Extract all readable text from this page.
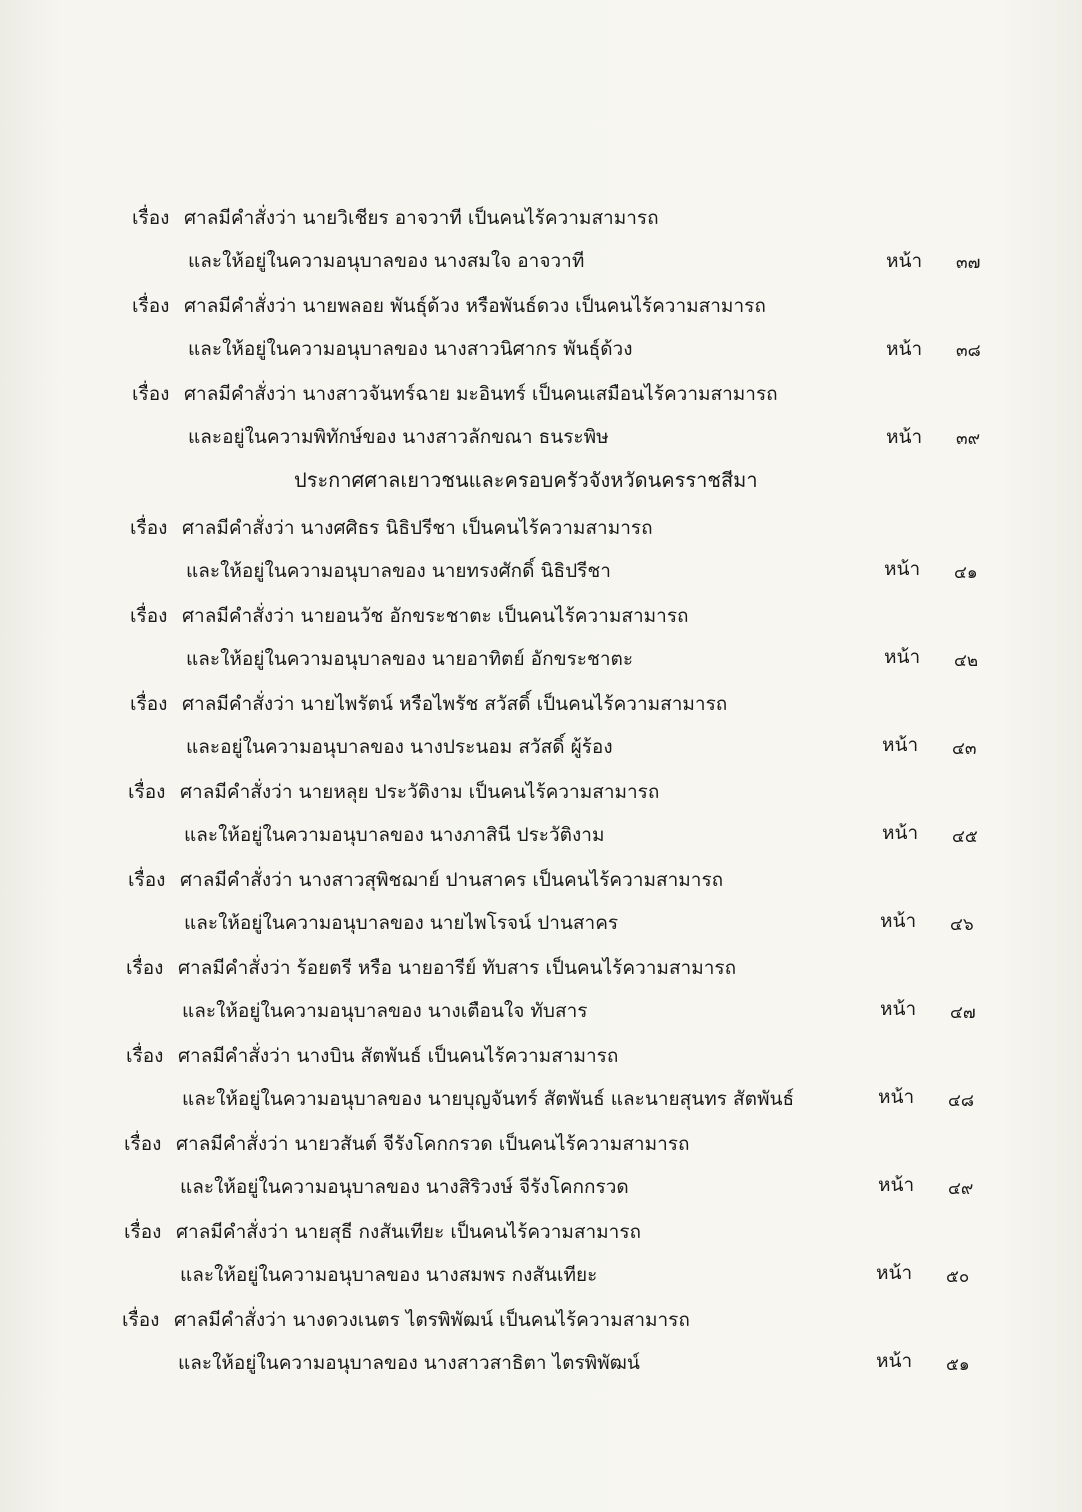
เรื่อง ศาลมีคำสั่งว่า นายวิเชียร อาจวาที เป็นคนไร้ความสามารถ
และให้อยู่ในความอนุบาลของ นางสมใจ อาจวาที	หน้า ๓๗
เรื่อง ศาลมีคำสั่งว่า นายพลอย พันธุ์ด้วง หรือพันธ์ดวง เป็นคนไร้ความสามารถ
และให้อยู่ในความอนุบาลของ นางสาวนิศากร พันธุ์ด้วง	หน้า ๓๘
เรื่อง ศาลมีคำสั่งว่า นางสาวจันทร์ฉาย มะอินทร์ เป็นคนเสมือนไร้ความสามารถ
และอยู่ในความพิทักษ์ของ นางสาวลักขณา ธนระพิษ	หน้า ๓๙
ประกาศศาลเยาวชนและครอบครัวจังหวัดนครราชสีมา
เรื่อง ศาลมีคำสั่งว่า นางศศิธร นิธิปรีชา เป็นคนไร้ความสามารถ
และให้อยู่ในความอนุบาลของ นายทรงศักดิ์ นิธิปรีชา	หน้า ๔๑
เรื่อง ศาลมีคำสั่งว่า นายอนวัช อักขระชาตะ เป็นคนไร้ความสามารถ
และให้อยู่ในความอนุบาลของ นายอาทิตย์ อักขระชาตะ	หน้า ๔๒
เรื่อง ศาลมีคำสั่งว่า นายไพรัตน์ หรือไพรัช สวัสดิ์ เป็นคนไร้ความสามารถ
และอยู่ในความอนุบาลของ นางประนอม สวัสดิ์ ผู้ร้อง	หน้า ๔๓
เรื่อง ศาลมีคำสั่งว่า นายหลุย ประวัติงาม เป็นคนไร้ความสามารถ
และให้อยู่ในความอนุบาลของ นางภาสินี ประวัติงาม	หน้า ๔๕
เรื่อง ศาลมีคำสั่งว่า นางสาวสุพิชฌาย์ ปานสาคร เป็นคนไร้ความสามารถ
และให้อยู่ในความอนุบาลของ นายไพโรจน์ ปานสาคร	หน้า ๔๖
เรื่อง ศาลมีคำสั่งว่า ร้อยตรี หรือ นายอารีย์ ทับสาร เป็นคนไร้ความสามารถ
และให้อยู่ในความอนุบาลของ นางเตือนใจ ทับสาร	หน้า ๔๗
เรื่อง ศาลมีคำสั่งว่า นางบิน สัตพันธ์ เป็นคนไร้ความสามารถ
และให้อยู่ในความอนุบาลของ นายบุญจันทร์ สัตพันธ์ และนายสุนทร สัตพันธ์	หน้า ๔๘
เรื่อง ศาลมีคำสั่งว่า นายวสันต์ จีรังโคกกรวด เป็นคนไร้ความสามารถ
และให้อยู่ในความอนุบาลของ นางสิริวงษ์ จีรังโคกกรวด	หน้า ๔๙
เรื่อง ศาลมีคำสั่งว่า นายสุธี กงสันเทียะ เป็นคนไร้ความสามารถ
และให้อยู่ในความอนุบาลของ นางสมพร กงสันเทียะ	หน้า ๕๐
เรื่อง ศาลมีคำสั่งว่า นางดวงเนตร ไตรพิพัฒน์ เป็นคนไร้ความสามารถ
และให้อยู่ในความอนุบาลของ นางสาวสาธิตา ไตรพิพัฒน์	หน้า ๕๑
